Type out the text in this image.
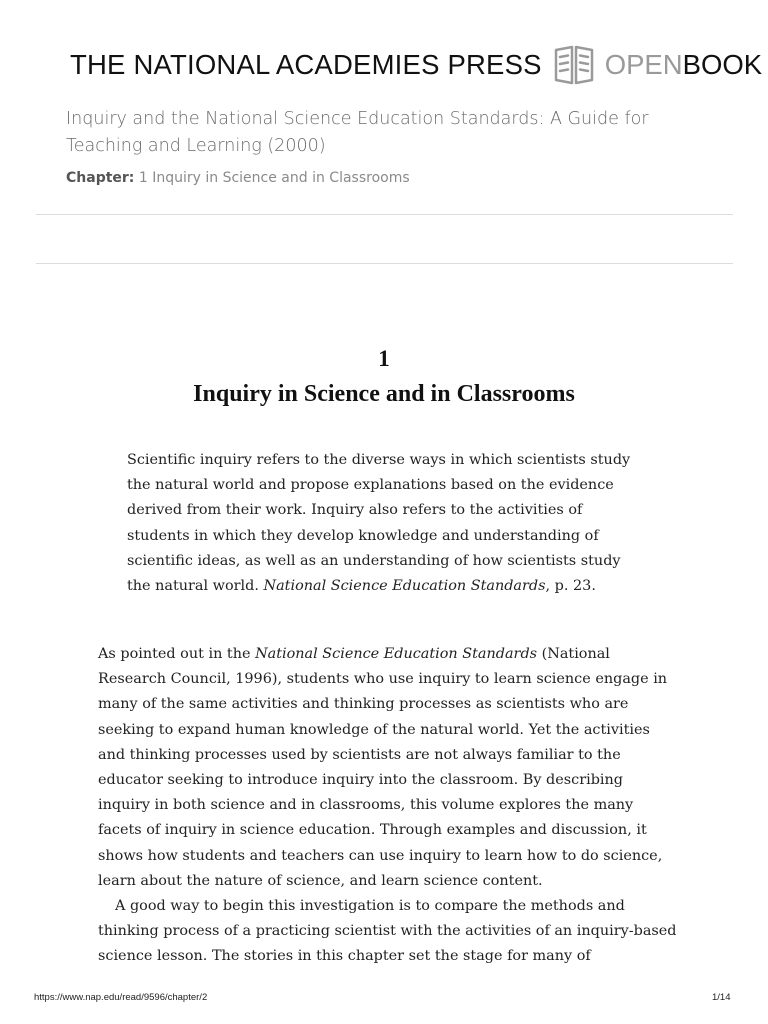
THE NATIONAL ACADEMIES PRESS OPENBOOK
Inquiry and the National Science Education Standards: A Guide for Teaching and Learning (2000)
Chapter: 1 Inquiry in Science and in Classrooms
1
Inquiry in Science and in Classrooms
Scientific inquiry refers to the diverse ways in which scientists study the natural world and propose explanations based on the evidence derived from their work. Inquiry also refers to the activities of students in which they develop knowledge and understanding of scientific ideas, as well as an understanding of how scientists study the natural world. National Science Education Standards, p. 23.

As pointed out in the National Science Education Standards (National Research Council, 1996), students who use inquiry to learn science engage in many of the same activities and thinking processes as scientists who are seeking to expand human knowledge of the natural world. Yet the activities and thinking processes used by scientists are not always familiar to the educator seeking to introduce inquiry into the classroom. By describing inquiry in both science and in classrooms, this volume explores the many facets of inquiry in science education. Through examples and discussion, it shows how students and teachers can use inquiry to learn how to do science, learn about the nature of science, and learn science content.

A good way to begin this investigation is to compare the methods and thinking process of a practicing scientist with the activities of an inquiry-based science lesson. The stories in this chapter set the stage for many of

https://www.nap.edu/read/9596/chapter/2	1/14
